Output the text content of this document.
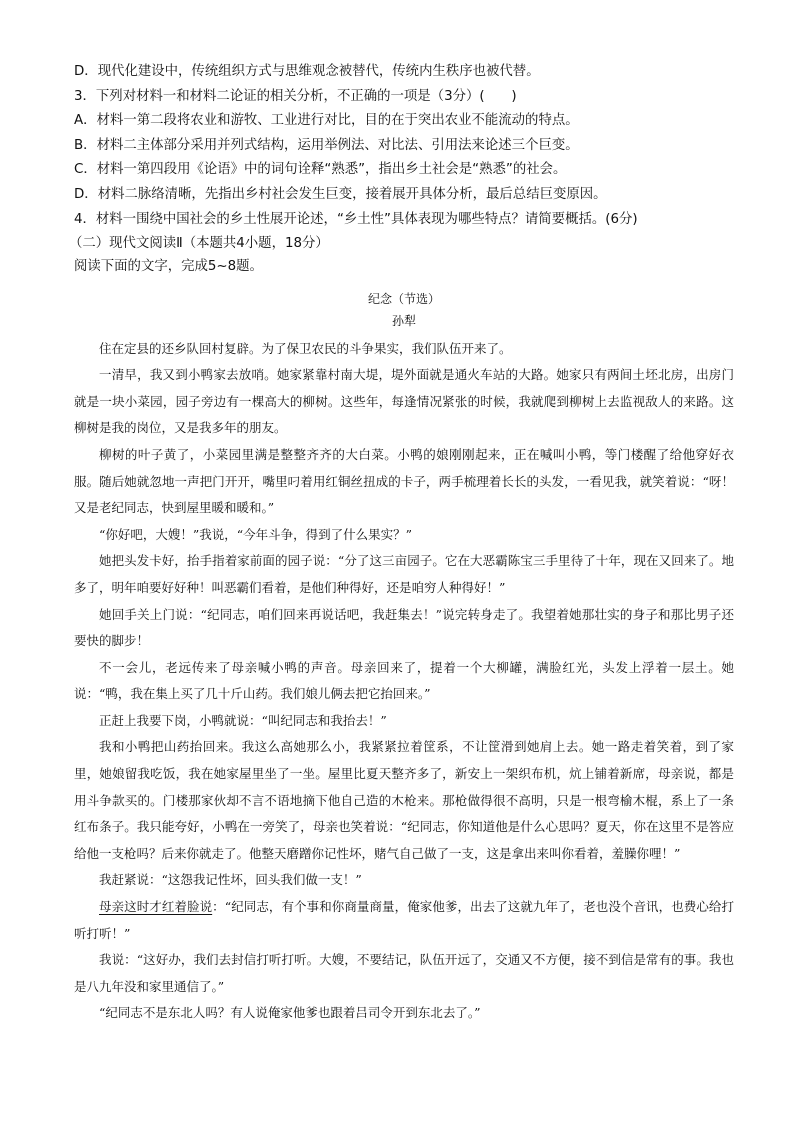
D．现代化建设中，传统组织方式与思维观念被替代，传统内生秩序也被代替。

3．下列对材料一和材料二论证的相关分析，不正确的一项是（3分）(　　)

A．材料一第二段将农业和游牧、工业进行对比，目的在于突出农业不能流动的特点。

B．材料二主体部分采用并列式结构，运用举例法、对比法、引用法来论述三个巨变。

C．材料一第四段用《论语》中的词句诠释“熟悉”，指出乡土社会是“熟悉”的社会。

D．材料二脉络清晰，先指出乡村社会发生巨变，接着展开具体分析，最后总结巨变原因。

4．材料一围绕中国社会的乡土性展开论述，“乡土性”具体表现为哪些特点？请简要概括。(6分)

（二）现代文阅读Ⅱ（本题共4小题，18分）

阅读下面的文字，完成5~8题。

纪念（节选）
孙犁

住在定县的还乡队回村复辟。为了保卫农民的斗争果实，我们队伍开来了。

一清早，我又到小鸭家去放哨。她家紧靠村南大堤，堤外面就是通火车站的大路。她家只有两间土坯北房，出房门就是一块小菜园，园子旁边有一棵高大的柳树。这些年，每逢情况紧张的时候，我就爬到柳树上去监视敌人的来路。这柳树是我的岗位，又是我多年的朋友。

柳树的叶子黄了，小菜园里满是整整齐齐的大白菜。小鸭的娘刚刚起来，正在喊叫小鸭，等门楼醒了给他穿好衣服。随后她就忽地一声把门开开，嘴里叼着用红铜丝扭成的卡子，两手梳理着长长的头发，一看见我，就笑着说：“呀！又是老纪同志，快到屋里暖和暖和。”

“你好吧，大嫂！”我说，“今年斗争，得到了什么果实？”

她把头发卡好，抬手指着家前面的园子说：“分了这三亩园子。它在大恶霸陈宝三手里待了十年，现在又回来了。地多了，明年咱要好好种！叫恶霸们看着，是他们种得好，还是咱穷人种得好！”

她回手关上门说：“纪同志，咱们回来再说话吧，我赶集去！”说完转身走了。我望着她那壮实的身子和那比男子还要快的脚步！

不一会儿，老远传来了母亲喊小鸭的声音。母亲回来了，提着一个大柳罐，满脸红光，头发上浮着一层土。她说：“鸭，我在集上买了几十斤山药。我们娘儿俩去把它抬回来。”

正赶上我要下岗，小鸭就说：“叫纪同志和我抬去！”

我和小鸭把山药抬回来。我这么高她那么小，我紧紧拉着筐系，不让筐滑到她肩上去。她一路走着笑着，到了家里，她娘留我吃饭，我在她家屋里坐了一坐。屋里比夏天整齐多了，新安上一架织布机，炕上铺着新席，母亲说，都是用斗争款买的。门楼那家伙却不言不语地摘下他自己造的木枪来。那枪做得很不高明，只是一根弯榆木棍，系上了一条红布条子。我只能夸好，小鸭在一旁笑了，母亲也笑着说：“纪同志，你知道他是什么心思吗？夏天，你在这里不是答应给他一支枪吗？后来你就走了。他整天磨蹭你记性坏，赌气自己做了一支，这是拿出来叫你看着，羞臊你哩！”

我赶紧说：“这怨我记性坏，回头我们做一支！”

母亲这时才红着脸说：“纪同志，有个事和你商量商量，俺家他爹，出去了这就九年了，老也没个音讯，也费心给打听打听！”

我说：“这好办，我们去封信打听打听。大嫂，不要结记，队伍开远了，交通又不方便，接不到信是常有的事。我也是八九年没和家里通信了。”

“纪同志不是东北人吗？有人说俺家他爹也跟着吕司令开到东北去了。”
